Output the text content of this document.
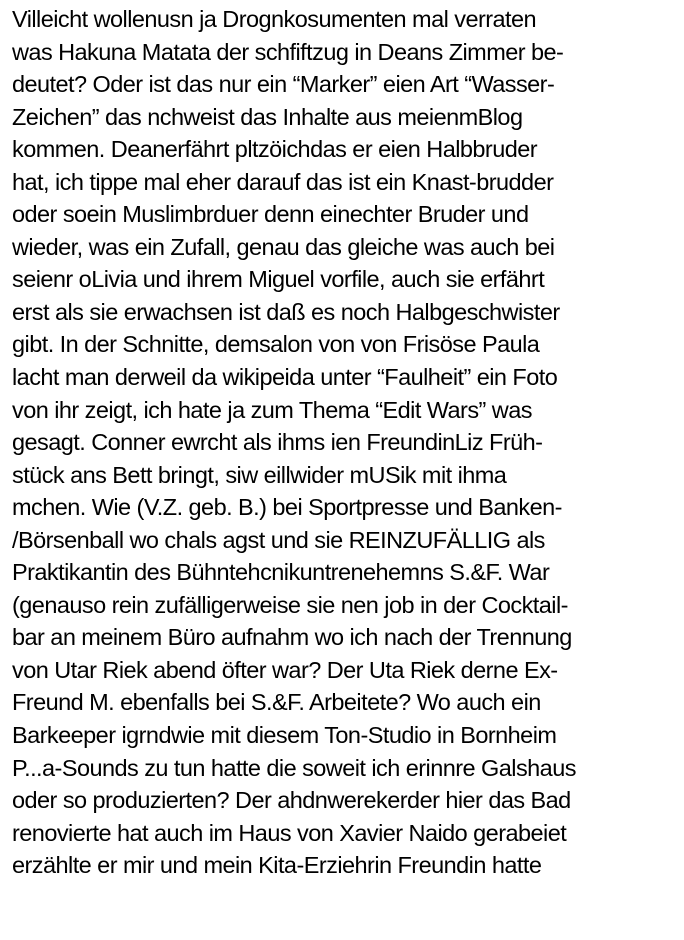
Villeicht wollenusn ja Drognkosumenten mal verraten
was Hakuna Matata der schfiftzug in Deans Zimmer be-
deutet? Oder ist das nur ein “Marker” eien Art “Wasser-
Zeichen” das nchweist das Inhalte aus meienmBlog
kommen. Deanerfährt pltzöichdas er eien Halbbruder
hat, ich tippe mal eher darauf das ist ein Knast-brudder
oder soein Muslimbrduer denn einechter Bruder und
wieder, was ein Zufall, genau das gleiche was auch bei
seienr oLivia und ihrem Miguel vorfile, auch sie erfährt
erst als sie erwachsen ist daß es noch Halbgeschwister
gibt. In der Schnitte, demsalon von von Frisöse Paula
lacht man derweil da wikipeida unter “Faulheit” ein Foto
von ihr zeigt, ich hate ja zum Thema “Edit Wars” was
gesagt. Conner ewrcht als ihms ien FreundinLiz Früh-
stück ans Bett bringt, siw eillwider mUSik mit ihma
mchen. Wie (V.Z. geb. B.) bei Sportpresse und Banken-
/Börsenball wo chals agst und sie REINZUFÄLLIG als
Praktikantin des Bühntehcnikuntrenehemns S.&F. War
(genauso rein zufälligerweise sie nen job in der Cocktail-
bar an meinem Büro aufnahm wo ich nach der Trennung
von Utar Riek abend öfter war? Der Uta Riek derne Ex-
Freund M. ebenfalls bei S.&F. Arbeitete? Wo auch ein
Barkeeper igrndwie mit diesem Ton-Studio in Bornheim
P...a-Sounds zu tun hatte die soweit ich erinnre Galshaus
oder so produzierten? Der ahdnwerekerder hier das Bad
renovierte hat auch im Haus von Xavier Naido gerabeiet
erzählte er mir und mein Kita-Erziehrin Freundin hatte
